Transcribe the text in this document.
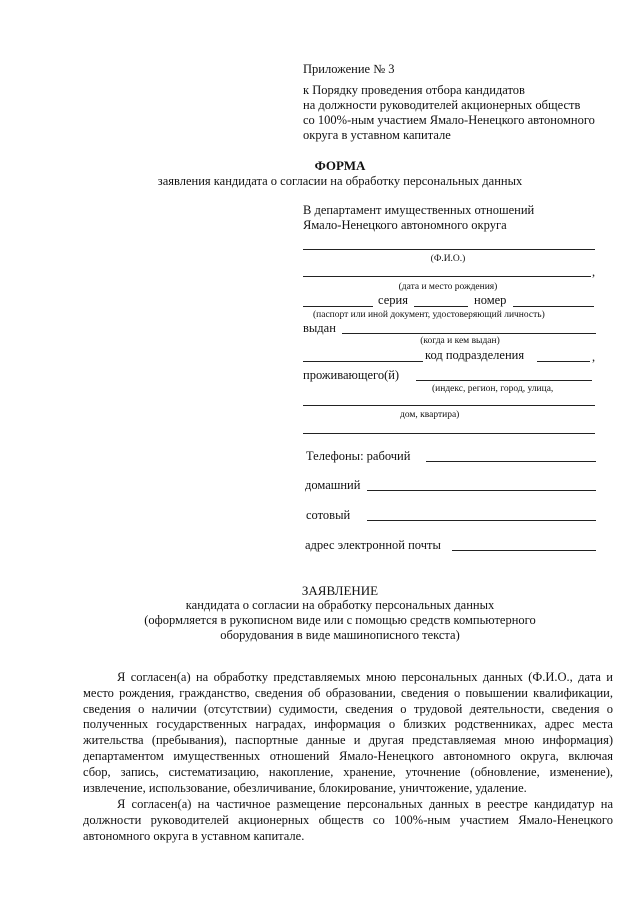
Приложение № 3
к Порядку проведения отбора кандидатов
на должности руководителей акционерных обществ
со 100%-ным участием Ямало-Ненецкого автономного
округа в уставном капитале
ФОРМА
заявления кандидата о согласии на обработку персональных данных
В департамент имущественных отношений
Ямало-Ненецкого автономного округа
(Ф.И.О.)
,
(дата и место рождения)
серия	номер
(паспорт или иной документ, удостоверяющий личность)
выдан
(когда и кем выдан)
код подразделения	,
проживающего(й)
(индекс, регион, город, улица,
дом, квартира)
Телефоны: рабочий
домашний
сотовый
адрес электронной почты
ЗАЯВЛЕНИЕ
кандидата о согласии на обработку персональных данных
(оформляется в рукописном виде или с помощью средств компьютерного
оборудования в виде машинописного текста)
Я согласен(а) на обработку представляемых мною персональных данных (Ф.И.О., дата и
место рождения, гражданство, сведения об образовании, сведения о повышении квалификации,
сведения о наличии (отсутствии) судимости, сведения о трудовой деятельности, сведения о
полученных государственных наградах, информация о близких родственниках, адрес места
жительства (пребывания), паспортные данные и другая представляемая мною информация)
департаментом имущественных отношений Ямало-Ненецкого автономного округа, включая
сбор, запись, систематизацию, накопление, хранение, уточнение (обновление, изменение),
извлечение, использование, обезличивание, блокирование, уничтожение, удаление.
Я согласен(а) на частичное размещение персональных данных в реестре кандидатур на
должности руководителей акционерных обществ со 100%-ным участием Ямало-Ненецкого
автономного округа в уставном капитале.
